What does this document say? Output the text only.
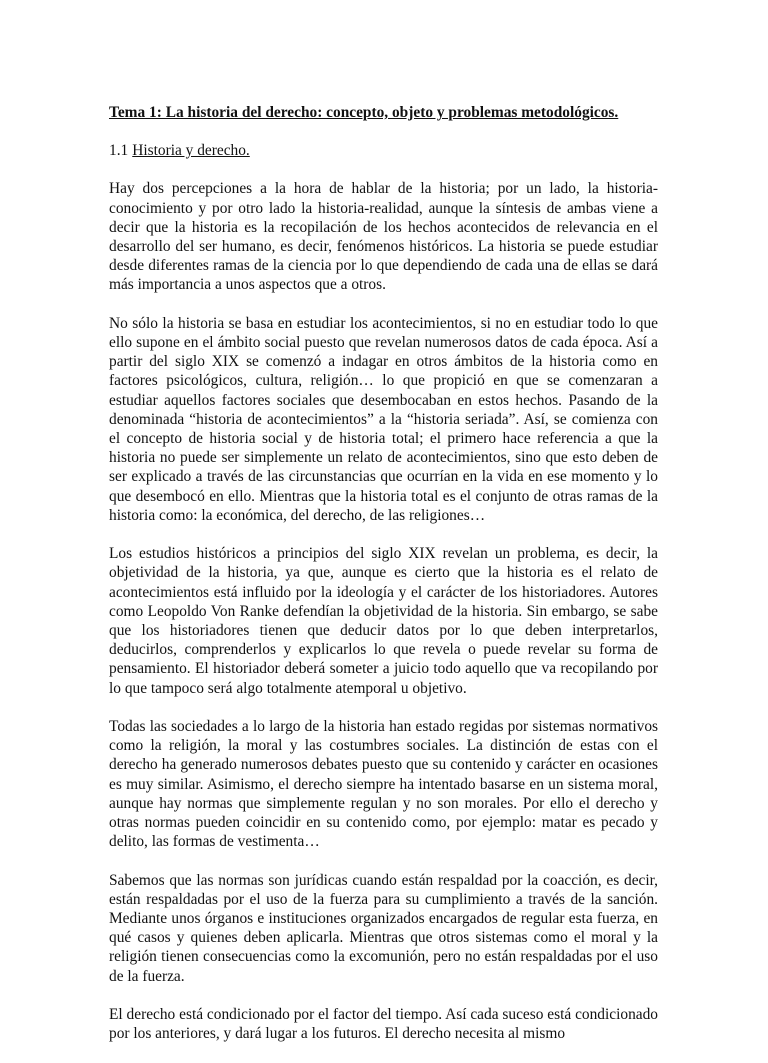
Tema 1: La historia del derecho: concepto, objeto y problemas metodológicos.
1.1 Historia y derecho.

Hay dos percepciones a la hora de hablar de la historia; por un lado, la historia-conocimiento y por otro lado la historia-realidad, aunque la síntesis de ambas viene a decir que la historia es la recopilación de los hechos acontecidos de relevancia en el desarrollo del ser humano, es decir, fenómenos históricos. La historia se puede estudiar desde diferentes ramas de la ciencia por lo que dependiendo de cada una de ellas se dará más importancia a unos aspectos que a otros.

No sólo la historia se basa en estudiar los acontecimientos, si no en estudiar todo lo que ello supone en el ámbito social puesto que revelan numerosos datos de cada época. Así a partir del siglo XIX se comenzó a indagar en otros ámbitos de la historia como en factores psicológicos, cultura, religión… lo que propició en que se comenzaran a estudiar aquellos factores sociales que desembocaban en estos hechos. Pasando de la denominada “historia de acontecimientos” a la “historia seriada”. Así, se comienza con el concepto de historia social y de historia total; el primero hace referencia a que la historia no puede ser simplemente un relato de acontecimientos, sino que esto deben de ser explicado a través de las circunstancias que ocurrían en la vida en ese momento y lo que desembocó en ello. Mientras que la historia total es el conjunto de otras ramas de la historia como: la económica, del derecho, de las religiones…

Los estudios históricos a principios del siglo XIX revelan un problema, es decir, la objetividad de la historia, ya que, aunque es cierto que la historia es el relato de acontecimientos está influido por la ideología y el carácter de los historiadores. Autores como Leopoldo Von Ranke defendían la objetividad de la historia. Sin embargo, se sabe que los historiadores tienen que deducir datos por lo que deben interpretarlos, deducirlos, comprenderlos y explicarlos lo que revela o puede revelar su forma de pensamiento. El historiador deberá someter a juicio todo aquello que va recopilando por lo que tampoco será algo totalmente atemporal u objetivo.

Todas las sociedades a lo largo de la historia han estado regidas por sistemas normativos como la religión, la moral y las costumbres sociales. La distinción de estas con el derecho ha generado numerosos debates puesto que su contenido y carácter en ocasiones es muy similar. Asimismo, el derecho siempre ha intentado basarse en un sistema moral, aunque hay normas que simplemente regulan y no son morales. Por ello el derecho y otras normas pueden coincidir en su contenido como, por ejemplo: matar es pecado y delito, las formas de vestimenta…

Sabemos que las normas son jurídicas cuando están respaldad por la coacción, es decir, están respaldadas por el uso de la fuerza para su cumplimiento a través de la sanción. Mediante unos órganos e instituciones organizados encargados de regular esta fuerza, en qué casos y quienes deben aplicarla. Mientras que otros sistemas como el moral y la religión tienen consecuencias como la excomunión, pero no están respaldadas por el uso de la fuerza.

El derecho está condicionado por el factor del tiempo. Así cada suceso está condicionado por los anteriores, y dará lugar a los futuros. El derecho necesita al mismo
